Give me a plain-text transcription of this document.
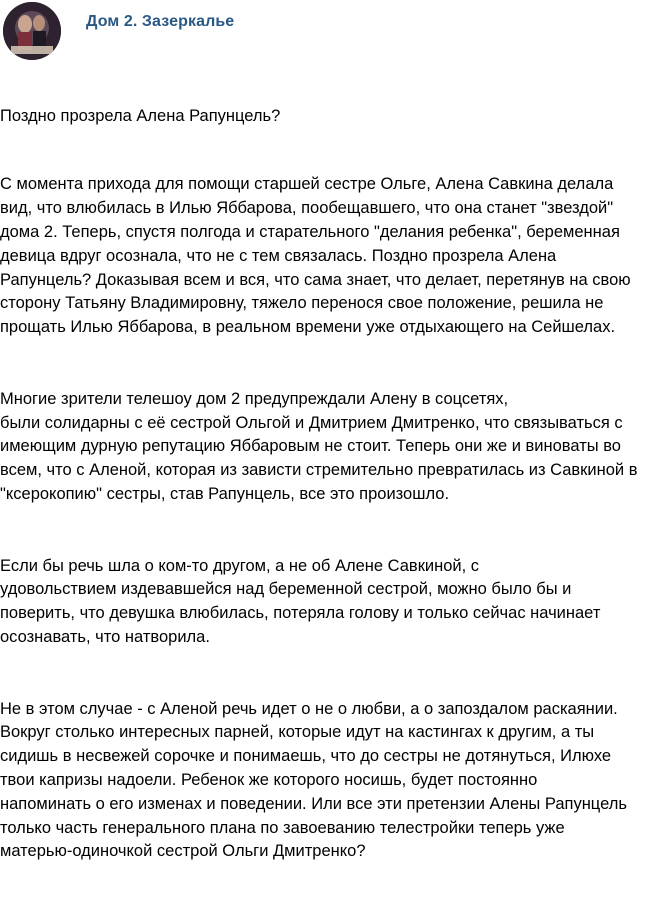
Дом 2. Зазеркалье

Поздно прозрела Алена Рапунцель?

С момента прихода для помощи старшей сестре Ольге, Алена Савкина делала
вид, что влюбилась в Илью Яббарова, пообещавшего, что она станет "звездой"
дома 2. Теперь, спустя полгода и старательного "делания ребенка", беременная
девица вдруг осознала, что не с тем связалась. Поздно прозрела Алена
Рапунцель? Доказывая всем и вся, что сама знает, что делает, перетянув на свою
сторону Татьяну Владимировну, тяжело перенося свое положение, решила не
прощать Илью Яббарова, в реальном времени уже отдыхающего на Сейшелах.

Многие зрители телешоу дом 2 предупреждали Алену в соцсетях,
были солидарны с её сестрой Ольгой и Дмитрием Дмитренко, что связываться с
имеющим дурную репутацию Яббаровым не стоит. Теперь они же и виноваты во
всем, что с Аленой, которая из зависти стремительно превратилась из Савкиной в
"ксерокопию" сестры, став Рапунцель, все это произошло.

Если бы речь шла о ком-то другом, а не об Алене Савкиной, с
удовольствием издевавшейся над беременной сестрой, можно было бы и
поверить, что девушка влюбилась, потеряла голову и только сейчас начинает
осознавать, что натворила.

Не в этом случае - с Аленой речь идет о не о любви, а о запоздалом раскаянии.
Вокруг столько интересных парней, которые идут на кастингах к другим, а ты
сидишь в несвежей сорочке и понимаешь, что до сестры не дотянуться, Илюхе
твои капризы надоели. Ребенок же которого носишь, будет постоянно
напоминать о его изменах и поведении. Или все эти претензии Алены Рапунцель
только часть генерального плана по завоеванию телестройки теперь уже
матерью-одиночкой сестрой Ольги Дмитренко?
